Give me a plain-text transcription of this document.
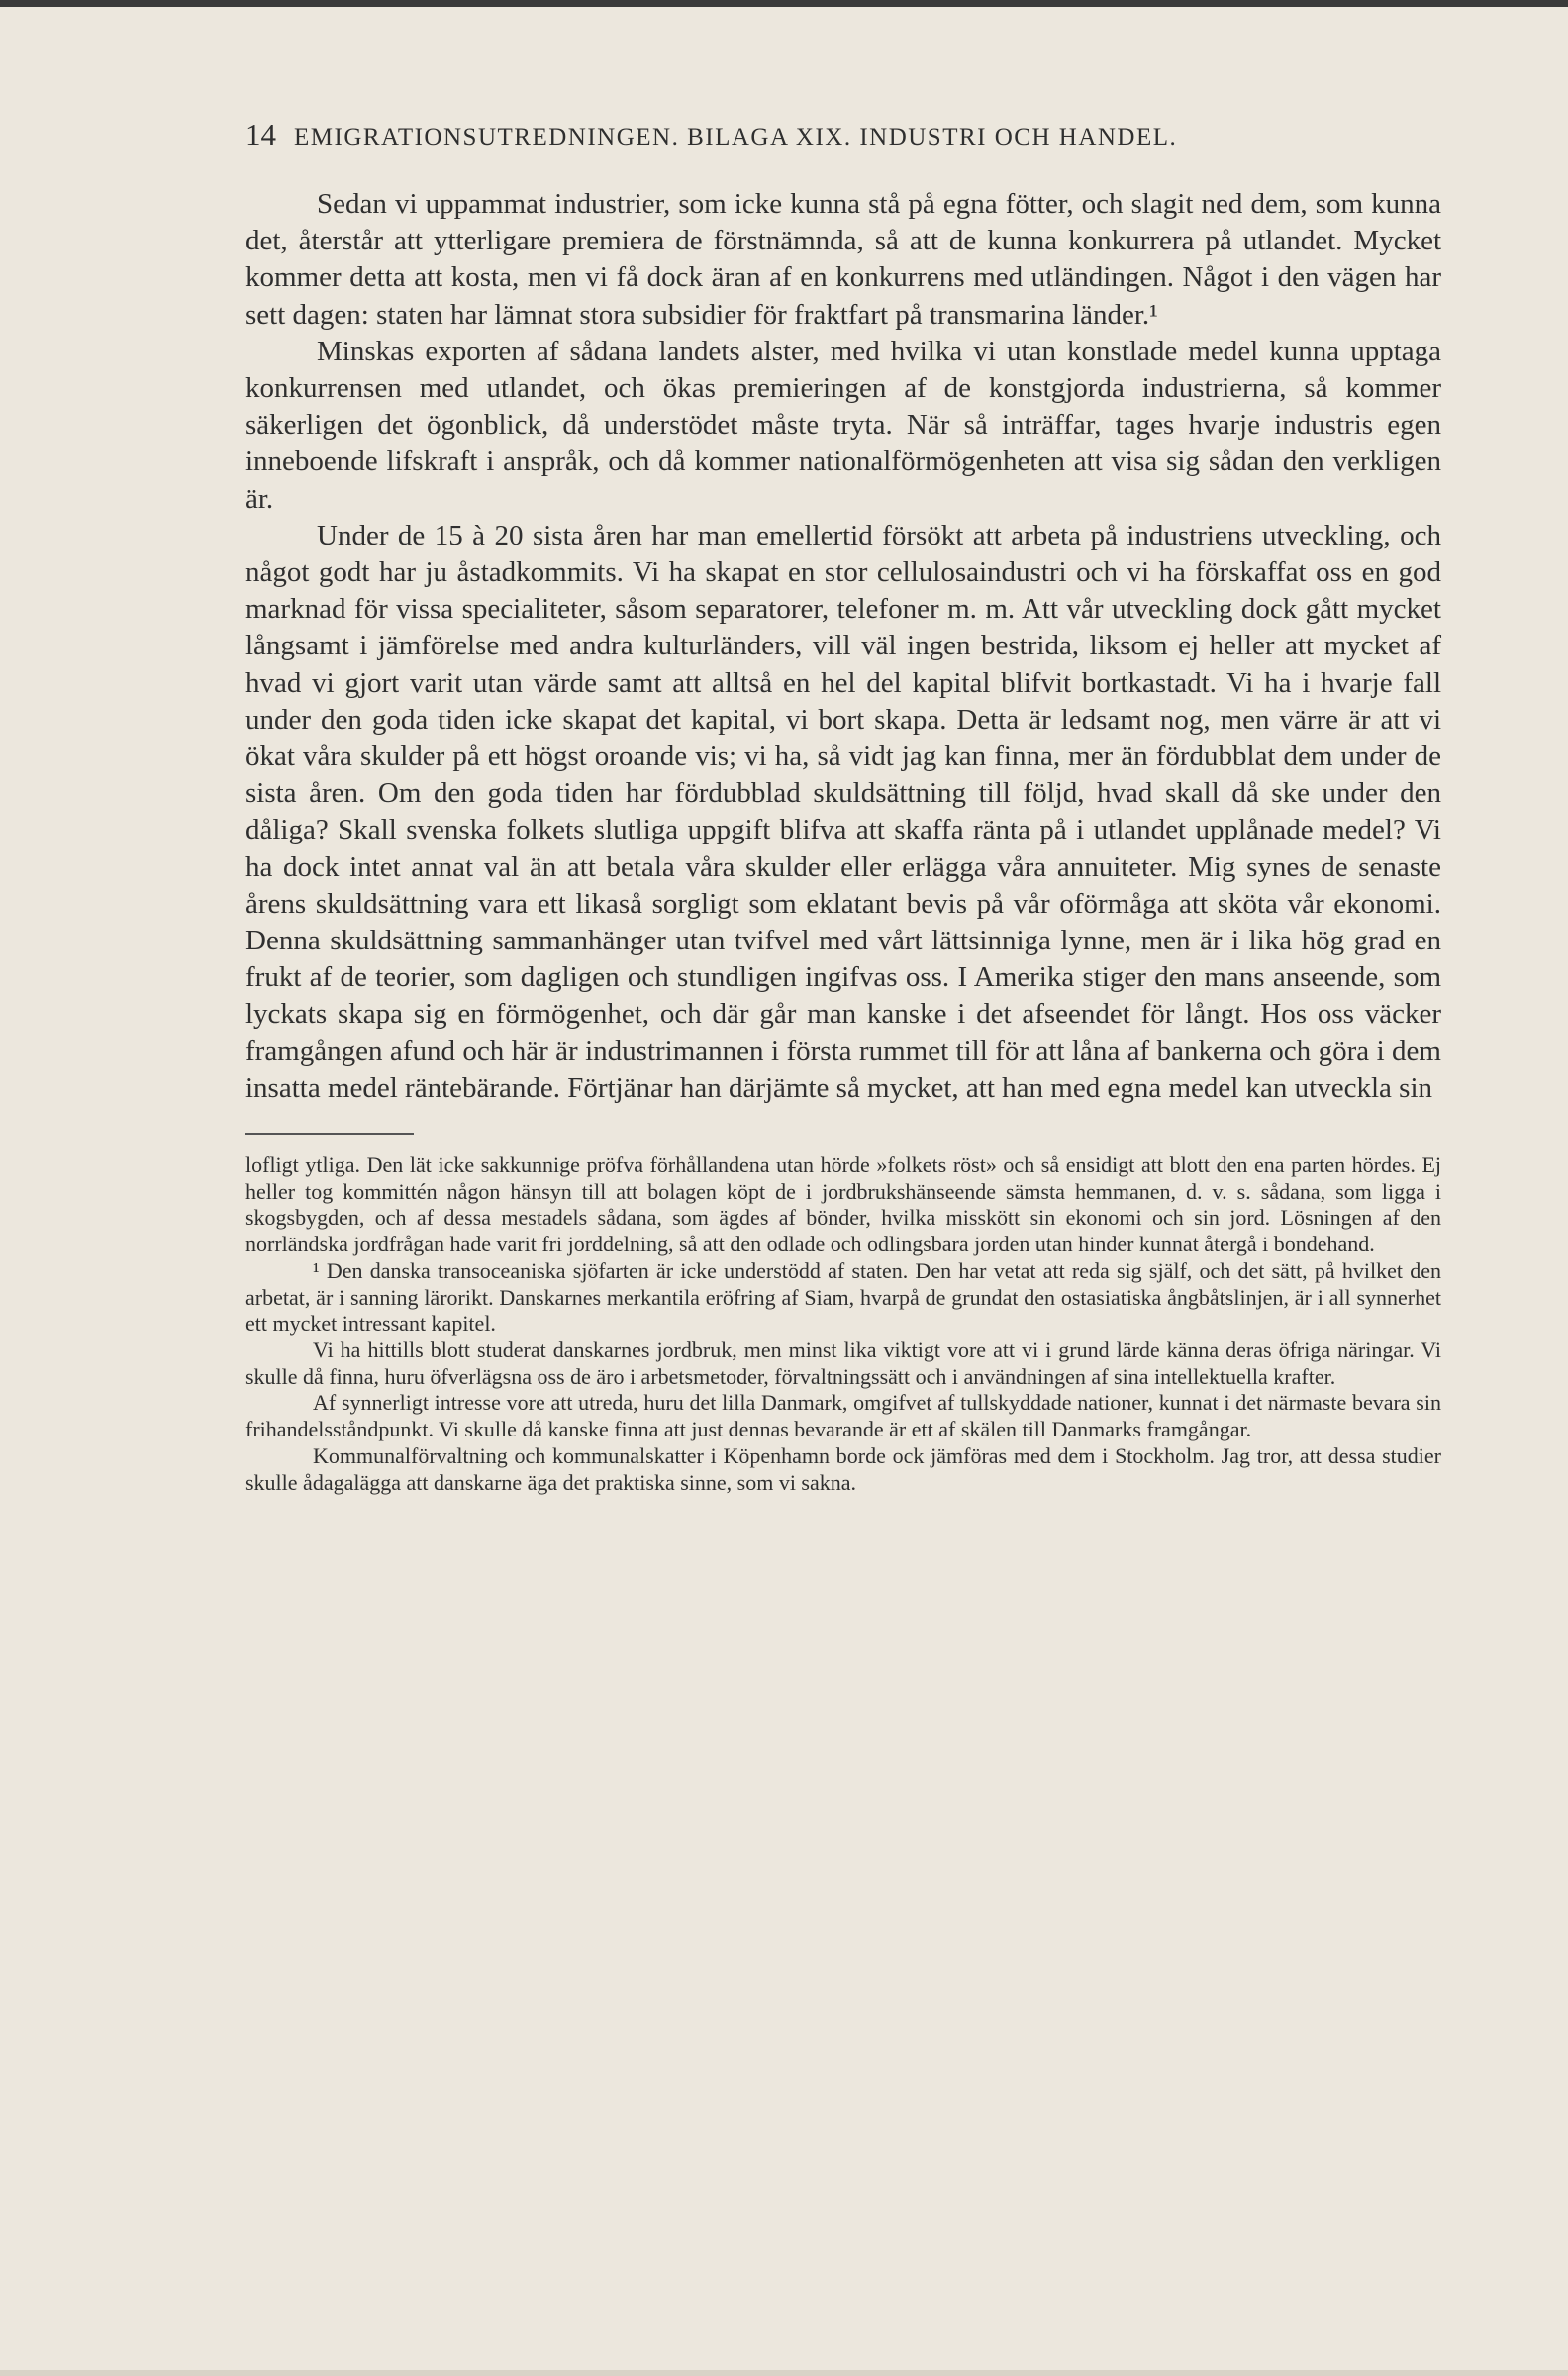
14 EMIGRATIONSUTREDNINGEN. BILAGA XIX. INDUSTRI OCH HANDEL.

Sedan vi uppammat industrier, som icke kunna stå på egna fötter, och slagit ned dem, som kunna det, återstår att ytterligare premiera de förstnämnda, så att de kunna konkurrera på utlandet. Mycket kommer detta att kosta, men vi få dock äran af en konkurrens med utländingen. Något i den vägen har sett dagen: staten har lämnat stora subsidier för fraktfart på transmarina länder.¹

Minskas exporten af sådana landets alster, med hvilka vi utan konstlade medel kunna upptaga konkurrensen med utlandet, och ökas premieringen af de konstgjorda industrierna, så kommer säkerligen det ögonblick, då understödet måste tryta. När så inträffar, tages hvarje industris egen inneboende lifskraft i anspråk, och då kommer nationalförmögenheten att visa sig sådan den verkligen är.

Under de 15 à 20 sista åren har man emellertid försökt att arbeta på industriens utveckling, och något godt har ju åstadkommits. Vi ha skapat en stor cellulosaindustri och vi ha förskaffat oss en god marknad för vissa specialiteter, såsom separatorer, telefoner m. m. Att vår utveckling dock gått mycket långsamt i jämförelse med andra kulturländers, vill väl ingen bestrida, liksom ej heller att mycket af hvad vi gjort varit utan värde samt att alltså en hel del kapital blifvit bortkastadt. Vi ha i hvarje fall under den goda tiden icke skapat det kapital, vi bort skapa. Detta är ledsamt nog, men värre är att vi ökat våra skulder på ett högst oroande vis; vi ha, så vidt jag kan finna, mer än fördubblat dem under de sista åren. Om den goda tiden har fördubblad skuldsättning till följd, hvad skall då ske under den dåliga? Skall svenska folkets slutliga uppgift blifva att skaffa ränta på i utlandet upplånade medel? Vi ha dock intet annat val än att betala våra skulder eller erlägga våra annuiteter. Mig synes de senaste årens skuldsättning vara ett likaså sorgligt som eklatant bevis på vår oförmåga att sköta vår ekonomi. Denna skuldsättning sammanhänger utan tvifvel med vårt lättsinniga lynne, men är i lika hög grad en frukt af de teorier, som dagligen och stundligen ingifvas oss. I Amerika stiger den mans anseende, som lyckats skapa sig en förmögenhet, och där går man kanske i det afseendet för långt. Hos oss väcker framgången afund och här är industrimannen i första rummet till för att låna af bankerna och göra i dem insatta medel räntebärande. Förtjänar han därjämte så mycket, att han med egna medel kan utveckla sin

lofligt ytliga. Den lät icke sakkunnige pröfva förhållandena utan hörde »folkets röst» och så ensidigt att blott den ena parten hördes. Ej heller tog kommittén någon hänsyn till att bolagen köpt de i jordbrukshänseende sämsta hemmanen, d. v. s. sådana, som ligga i skogsbygden, och af dessa mestadels sådana, som ägdes af bönder, hvilka misskött sin ekonomi och sin jord. Lösningen af den norrländska jordfrågan hade varit fri jorddelning, så att den odlade och odlingsbara jorden utan hinder kunnat återgå i bondehand.

¹ Den danska transoceaniska sjöfarten är icke understödd af staten. Den har vetat att reda sig själf, och det sätt, på hvilket den arbetat, är i sanning lärorikt. Danskarnes merkantila eröfring af Siam, hvarpå de grundat den ostasiatiska ångbåtslinjen, är i all synnerhet ett mycket intressant kapitel.

Vi ha hittills blott studerat danskarnes jordbruk, men minst lika viktigt vore att vi i grund lärde känna deras öfriga näringar. Vi skulle då finna, huru öfverlägsna oss de äro i arbetsmetoder, förvaltningssätt och i användningen af sina intellektuella krafter.

Af synnerligt intresse vore att utreda, huru det lilla Danmark, omgifvet af tullskyddade nationer, kunnat i det närmaste bevara sin frihandelsståndpunkt. Vi skulle då kanske finna att just dennas bevarande är ett af skälen till Danmarks framgångar.

Kommunalförvaltning och kommunalskatter i Köpenhamn borde ock jämföras med dem i Stockholm. Jag tror, att dessa studier skulle ådagalägga att danskarne äga det praktiska sinne, som vi sakna.
